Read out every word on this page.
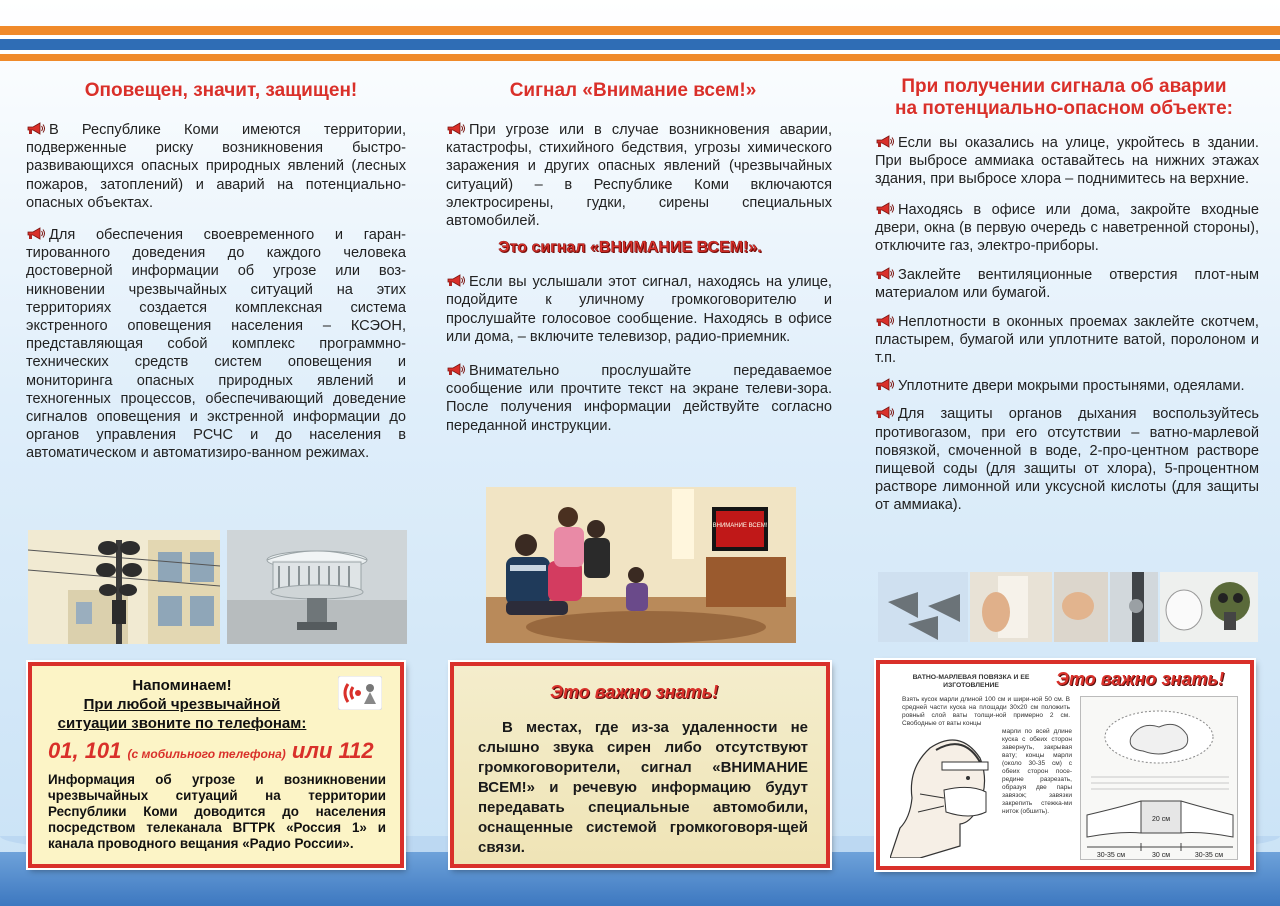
Оповещен, значит, защищен!

В Республике Коми имеются территории, подверженные риску возникновения быстро-развивающихся опасных природных явлений (лесных пожаров, затоплений) и аварий на потенциально-опасных объектах.

Для обеспечения своевременного и гаран-тированного доведения до каждого человека достоверной информации об угрозе или воз-никновении чрезвычайных ситуаций на этих территориях создается комплексная система экстренного оповещения населения – КСЭОН, представляющая собой комплекс программно-технических средств систем оповещения и мониторинга опасных природных явлений и техногенных процессов, обеспечивающий доведение сигналов оповещения и экстренной информации до органов управления РСЧС и до населения в автоматическом и автоматизиро-ванном режимах.

Сигнал «Внимание всем!»

При угрозе или в случае возникновения аварии, катастрофы, стихийного бедствия, угрозы химического заражения и других опасных явлений (чрезвычайных ситуаций) – в Республике Коми включаются электросирены, гудки, сирены специальных автомобилей.

Это сигнал «ВНИМАНИЕ ВСЕМ!».

Если вы услышали этот сигнал, находясь на улице, подойдите к уличному громкоговорителю и прослушайте голосовое сообщение. Находясь в офисе или дома, – включите телевизор, радио-приемник.

Внимательно прослушайте передаваемое сообщение или прочтите текст на экране телеви-зора. После получения информации действуйте согласно переданной инструкции.

ВНИМАНИЕ ВСЕМ!
При получении сигнала об аварии
на потенциально-опасном объекте:

Если вы оказались на улице, укройтесь в здании. При выбросе аммиака оставайтесь на нижних этажах здания, при выбросе хлора – поднимитесь на верхние.

Находясь в офисе или дома, закройте входные двери, окна (в первую очередь с наветренной стороны), отключите газ, электро-приборы.

Заклейте вентиляционные отверстия плот-ным материалом или бумагой.

Неплотности в оконных проемах заклейте скотчем, пластырем, бумагой или уплотните ватой, поролоном и т.п.

Уплотните двери мокрыми простынями, одеялами.

Для защиты органов дыхания воспользуйтесь противогазом, при его отсутствии – ватно-марлевой повязкой, смоченной в воде, 2-про-центном растворе пищевой соды (для защиты от хлора), 5-процентном растворе лимонной или уксусной кислоты (для защиты от аммиака).

Напоминаем!
При любой чрезвычайной
ситуации звоните по телефонам:
01, 101 (с мобильного телефона) или 112

Информация об угрозе и возникновении чрезвычайных ситуаций на территории Республики Коми доводится до населения посредством телеканала ВГТРК «Россия 1» и канала проводного вещания «Радио России».

Это важно знать!

В местах, где из-за удаленности не слышно звука сирен либо отсутствуют громкоговорители, сигнал «ВНИМАНИЕ ВСЕМ!» и речевую информацию будут передавать специальные автомобили, оснащенные системой громкоговоря-щей связи.

Это важно знать!
ВАТНО-МАРЛЕВАЯ ПОВЯЗКА И ЕЕ
ИЗГОТОВЛЕНИЕ
Взять кусок марли длиной 100 см и шири-ной 50 см. В средней части куска на площади 30х20 см положить ровный слой ваты толщи-ной примерно 2 см. Свободные от ваты концы
марли по всей длине куска с обеих сторон завернуть, закрывая вату; концы марли (около 30-35 см) с обеих сторон посе-редине разрезать, образуя две пары завязок; завязки закрепить стежка-ми ниток (обшить).
20 см
30-35 см	30 см	30-35 см
